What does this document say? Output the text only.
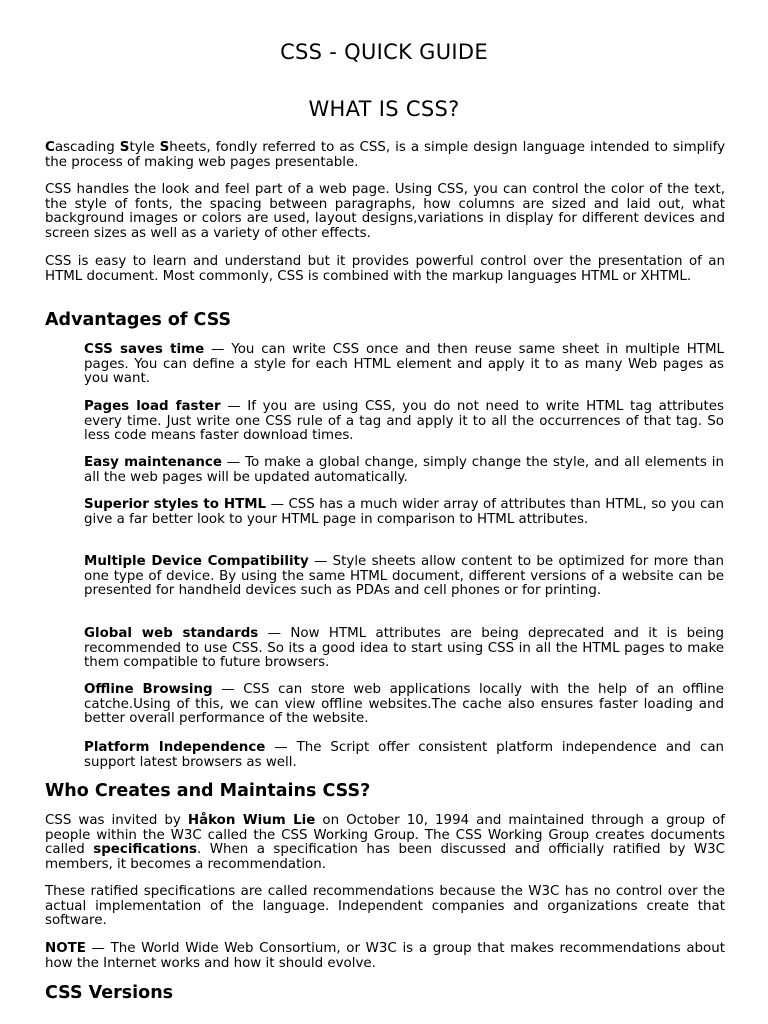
CSS - QUICK GUIDE
WHAT IS CSS?

Cascading Style Sheets, fondly referred to as CSS, is a simple design language intended to simplify the process of making web pages presentable.

CSS handles the look and feel part of a web page. Using CSS, you can control the color of the text, the style of fonts, the spacing between paragraphs, how columns are sized and laid out, what background images or colors are used, layout designs,variations in display for different devices and screen sizes as well as a variety of other effects.

CSS is easy to learn and understand but it provides powerful control over the presentation of an HTML document. Most commonly, CSS is combined with the markup languages HTML or XHTML.

Advantages of CSS

CSS saves time — You can write CSS once and then reuse same sheet in multiple HTML pages. You can define a style for each HTML element and apply it to as many Web pages as you want.

Pages load faster — If you are using CSS, you do not need to write HTML tag attributes every time. Just write one CSS rule of a tag and apply it to all the occurrences of that tag. So less code means faster download times.

Easy maintenance — To make a global change, simply change the style, and all elements in all the web pages will be updated automatically.

Superior styles to HTML — CSS has a much wider array of attributes than HTML, so you can give a far better look to your HTML page in comparison to HTML attributes.

Multiple Device Compatibility — Style sheets allow content to be optimized for more than one type of device. By using the same HTML document, different versions of a website can be presented for handheld devices such as PDAs and cell phones or for printing.

Global web standards — Now HTML attributes are being deprecated and it is being recommended to use CSS. So its a good idea to start using CSS in all the HTML pages to make them compatible to future browsers.

Offline Browsing — CSS can store web applications locally with the help of an offline catche.Using of this, we can view offline websites.The cache also ensures faster loading and better overall performance of the website.

Platform Independence — The Script offer consistent platform independence and can support latest browsers as well.

Who Creates and Maintains CSS?

CSS was invited by Håkon Wium Lie on October 10, 1994 and maintained through a group of people within the W3C called the CSS Working Group. The CSS Working Group creates documents called specifications. When a specification has been discussed and officially ratified by W3C members, it becomes a recommendation.

These ratified specifications are called recommendations because the W3C has no control over the actual implementation of the language. Independent companies and organizations create that software.

NOTE — The World Wide Web Consortium, or W3C is a group that makes recommendations about how the Internet works and how it should evolve.

CSS Versions
